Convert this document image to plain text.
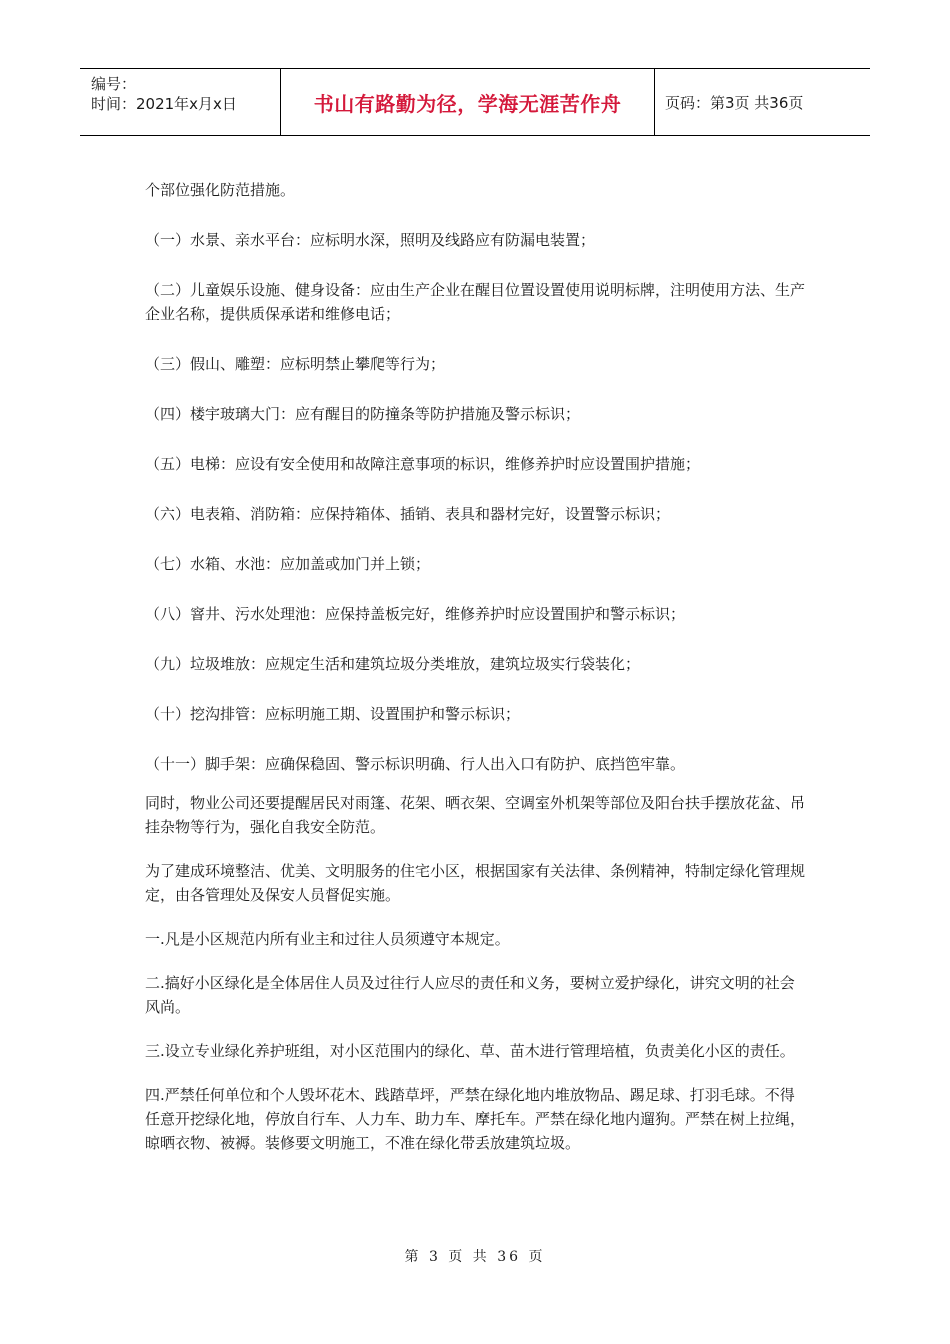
编号：
时间：2021年x月x日	书山有路勤为径，学海无涯苦作舟	页码：第3页 共36页

个部位强化防范措施。

（一）水景、亲水平台：应标明水深，照明及线路应有防漏电装置；

（二）儿童娱乐设施、健身设备：应由生产企业在醒目位置设置使用说明标牌，注明使用方法、生产企业名称，提供质保承诺和维修电话；

（三）假山、雕塑：应标明禁止攀爬等行为；

（四）楼宇玻璃大门：应有醒目的防撞条等防护措施及警示标识；

（五）电梯：应设有安全使用和故障注意事项的标识，维修养护时应设置围护措施；

（六）电表箱、消防箱：应保持箱体、插销、表具和器材完好，设置警示标识；

（七）水箱、水池：应加盖或加门并上锁；

（八）窨井、污水处理池：应保持盖板完好，维修养护时应设置围护和警示标识；

（九）垃圾堆放：应规定生活和建筑垃圾分类堆放，建筑垃圾实行袋装化；

（十）挖沟排管：应标明施工期、设置围护和警示标识；

（十一）脚手架：应确保稳固、警示标识明确、行人出入口有防护、底挡笆牢靠。

同时，物业公司还要提醒居民对雨篷、花架、晒衣架、空调室外机架等部位及阳台扶手摆放花盆、吊挂杂物等行为，强化自我安全防范。

为了建成环境整洁、优美、文明服务的住宅小区，根据国家有关法律、条例精神，特制定绿化管理规定，由各管理处及保安人员督促实施。

一.凡是小区规范内所有业主和过往人员须遵守本规定。

二.搞好小区绿化是全体居住人员及过往行人应尽的责任和义务，要树立爱护绿化，讲究文明的社会风尚。

三.设立专业绿化养护班组，对小区范围内的绿化、草、苗木进行管理培植，负责美化小区的责任。

四.严禁任何单位和个人毁坏花木、践踏草坪，严禁在绿化地内堆放物品、踢足球、打羽毛球。不得任意开挖绿化地，停放自行车、人力车、助力车、摩托车。严禁在绿化地内遛狗。严禁在树上拉绳，晾晒衣物、被褥。装修要文明施工，不准在绿化带丢放建筑垃圾。

第 3 页 共 36 页
